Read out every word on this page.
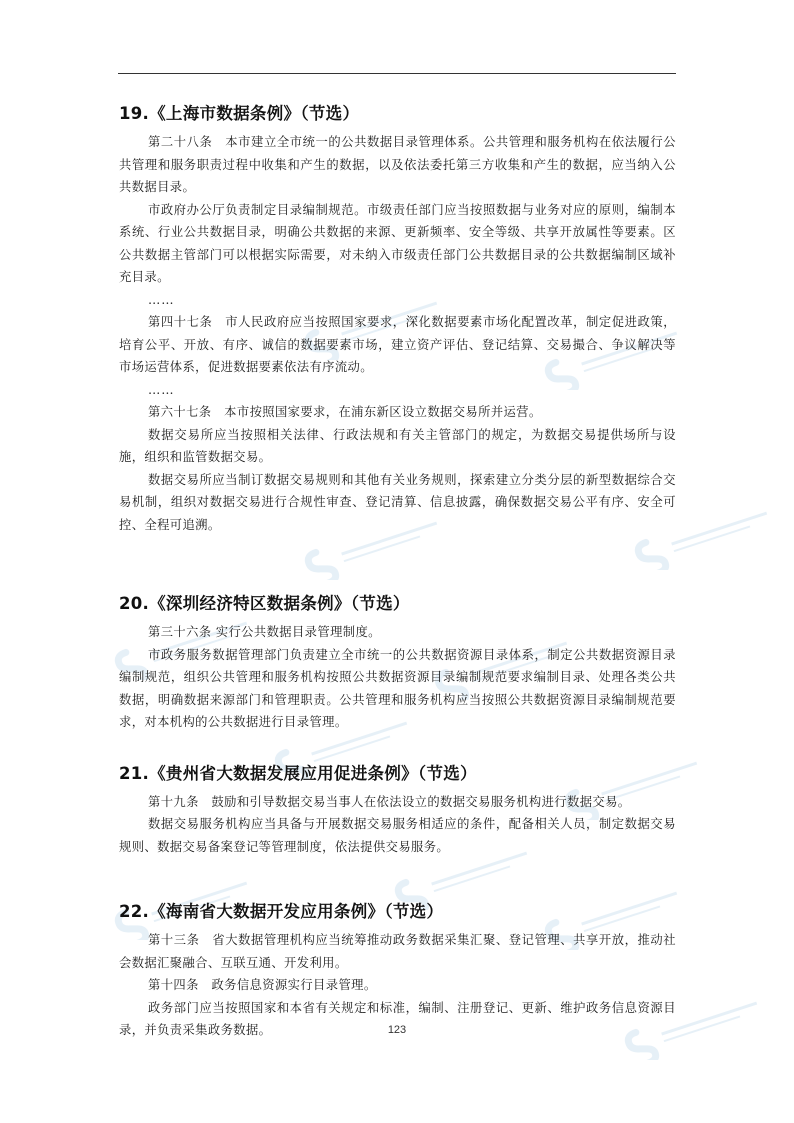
19.《上海市数据条例》（节选）

第二十八条　本市建立全市统一的公共数据目录管理体系。公共管理和服务机构在依法履行公共管理和服务职责过程中收集和产生的数据，以及依法委托第三方收集和产生的数据，应当纳入公共数据目录。

市政府办公厅负责制定目录编制规范。市级责任部门应当按照数据与业务对应的原则，编制本系统、行业公共数据目录，明确公共数据的来源、更新频率、安全等级、共享开放属性等要素。区公共数据主管部门可以根据实际需要，对未纳入市级责任部门公共数据目录的公共数据编制区域补充目录。

……

第四十七条　市人民政府应当按照国家要求，深化数据要素市场化配置改革，制定促进政策，培育公平、开放、有序、诚信的数据要素市场，建立资产评估、登记结算、交易撮合、争议解决等市场运营体系，促进数据要素依法有序流动。

……

第六十七条　本市按照国家要求，在浦东新区设立数据交易所并运营。

数据交易所应当按照相关法律、行政法规和有关主管部门的规定，为数据交易提供场所与设施，组织和监管数据交易。

数据交易所应当制订数据交易规则和其他有关业务规则，探索建立分类分层的新型数据综合交易机制，组织对数据交易进行合规性审查、登记清算、信息披露，确保数据交易公平有序、安全可控、全程可追溯。

20.《深圳经济特区数据条例》（节选）

第三十六条 实行公共数据目录管理制度。

市政务服务数据管理部门负责建立全市统一的公共数据资源目录体系，制定公共数据资源目录编制规范，组织公共管理和服务机构按照公共数据资源目录编制规范要求编制目录、处理各类公共数据，明确数据来源部门和管理职责。公共管理和服务机构应当按照公共数据资源目录编制规范要求，对本机构的公共数据进行目录管理。

21.《贵州省大数据发展应用促进条例》（节选）

第十九条　鼓励和引导数据交易当事人在依法设立的数据交易服务机构进行数据交易。

数据交易服务机构应当具备与开展数据交易服务相适应的条件，配备相关人员，制定数据交易规则、数据交易备案登记等管理制度，依法提供交易服务。

22.《海南省大数据开发应用条例》（节选）

第十三条　省大数据管理机构应当统筹推动政务数据采集汇聚、登记管理、共享开放，推动社会数据汇聚融合、互联互通、开发利用。

第十四条　政务信息资源实行目录管理。

政务部门应当按照国家和本省有关规定和标准，编制、注册登记、更新、维护政务信息资源目录，并负责采集政务数据。	123
